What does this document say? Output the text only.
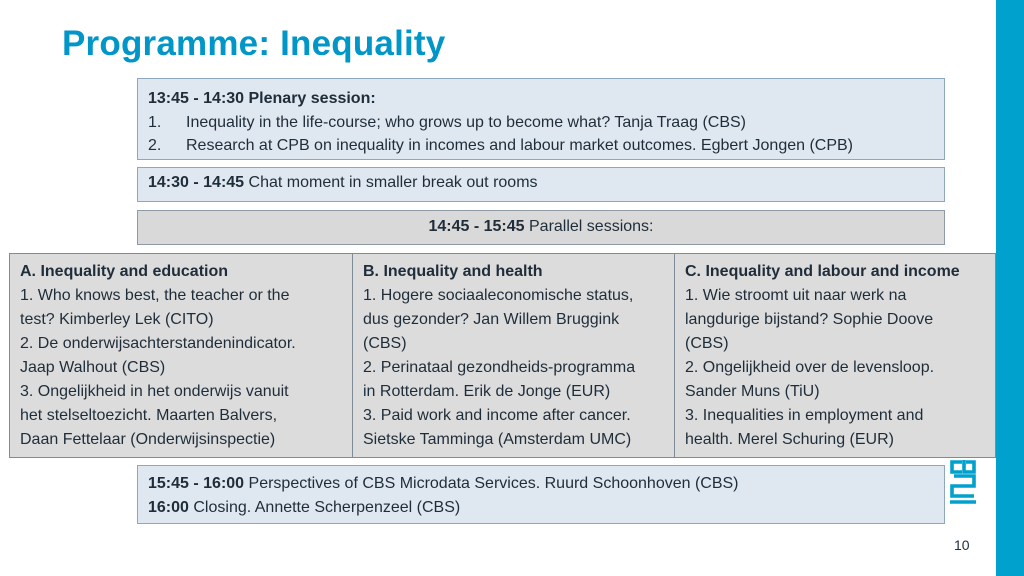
Programme: Inequality
13:45 - 14:30 Plenary session:
1.	Inequality in the life-course; who grows up to become what? Tanja Traag (CBS)
2.	Research at CPB on inequality in incomes and labour market outcomes. Egbert Jongen (CPB)
14:30 - 14:45 Chat moment in smaller break out rooms
14:45 - 15:45 Parallel sessions:
A. Inequality and education
1. Who knows best, the teacher or the
test? Kimberley Lek (CITO)
2. De onderwijsachterstandenindicator.
Jaap Walhout (CBS)
3. Ongelijkheid in het onderwijs vanuit
het stelseltoezicht. Maarten Balvers,
Daan Fettelaar (Onderwijsinspectie)
B. Inequality and health
1. Hogere sociaaleconomische status,
dus gezonder? Jan Willem Bruggink
(CBS)
2. Perinataal gezondheids-programma
in Rotterdam. Erik de Jonge (EUR)
3. Paid work and income after cancer.
Sietske Tamminga (Amsterdam UMC)
C. Inequality and labour and income
1. Wie stroomt uit naar werk na
langdurige bijstand? Sophie Doove
(CBS)
2. Ongelijkheid over de levensloop.
Sander Muns (TiU)
3. Inequalities in employment and
health. Merel Schuring (EUR)
15:45 - 16:00 Perspectives of CBS Microdata Services. Ruurd Schoonhoven (CBS)
16:00 Closing. Annette Scherpenzeel (CBS)
10
